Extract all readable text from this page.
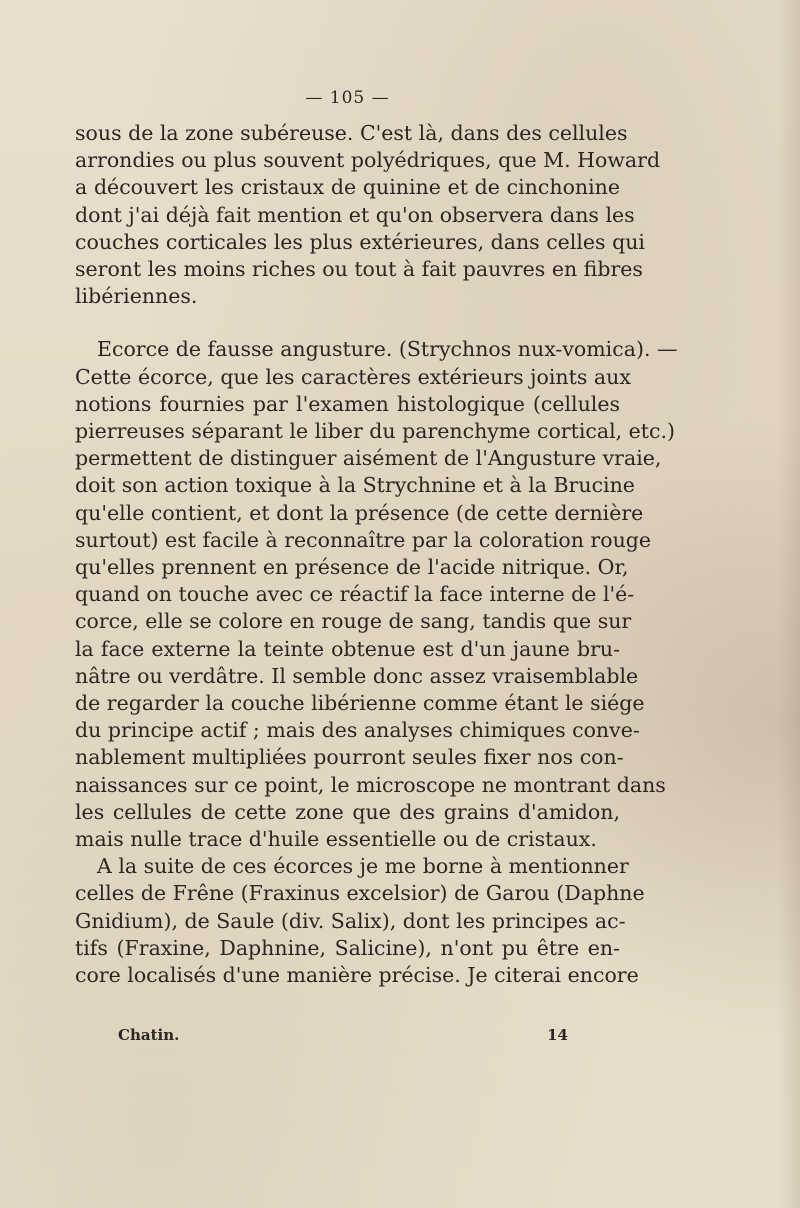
— 105 —
sous de la zone subéreuse. C'est là, dans des cellules
arrondies ou plus souvent polyédriques, que M. Howard
a découvert les cristaux de quinine et de cinchonine
dont j'ai déjà fait mention et qu'on observera dans les
couches corticales les plus extérieures, dans celles qui
seront les moins riches ou tout à fait pauvres en fibres
libériennes.
Ecorce de fausse angusture. (Strychnos nux-vomica). —
Cette écorce, que les caractères extérieurs joints aux
notions fournies par l'examen histologique (cellules
pierreuses séparant le liber du parenchyme cortical, etc.)
permettent de distinguer aisément de l'Angusture vraie,
doit son action toxique à la Strychnine et à la Brucine
qu'elle contient, et dont la présence (de cette dernière
surtout) est facile à reconnaître par la coloration rouge
qu'elles prennent en présence de l'acide nitrique. Or,
quand on touche avec ce réactif la face interne de l'é-
corce, elle se colore en rouge de sang, tandis que sur
la face externe la teinte obtenue est d'un jaune bru-
nâtre ou verdâtre. Il semble donc assez vraisemblable
de regarder la couche libérienne comme étant le siége
du principe actif ; mais des analyses chimiques conve-
nablement multipliées pourront seules fixer nos con-
naissances sur ce point, le microscope ne montrant dans
les cellules de cette zone que des grains d'amidon,
mais nulle trace d'huile essentielle ou de cristaux.
A la suite de ces écorces je me borne à mentionner
celles de Frêne (Fraxinus excelsior) de Garou (Daphne
Gnidium), de Saule (div. Salix), dont les principes ac-
tifs (Fraxine, Daphnine, Salicine), n'ont pu être en-
core localisés d'une manière précise. Je citerai encore
Chatin.	14
